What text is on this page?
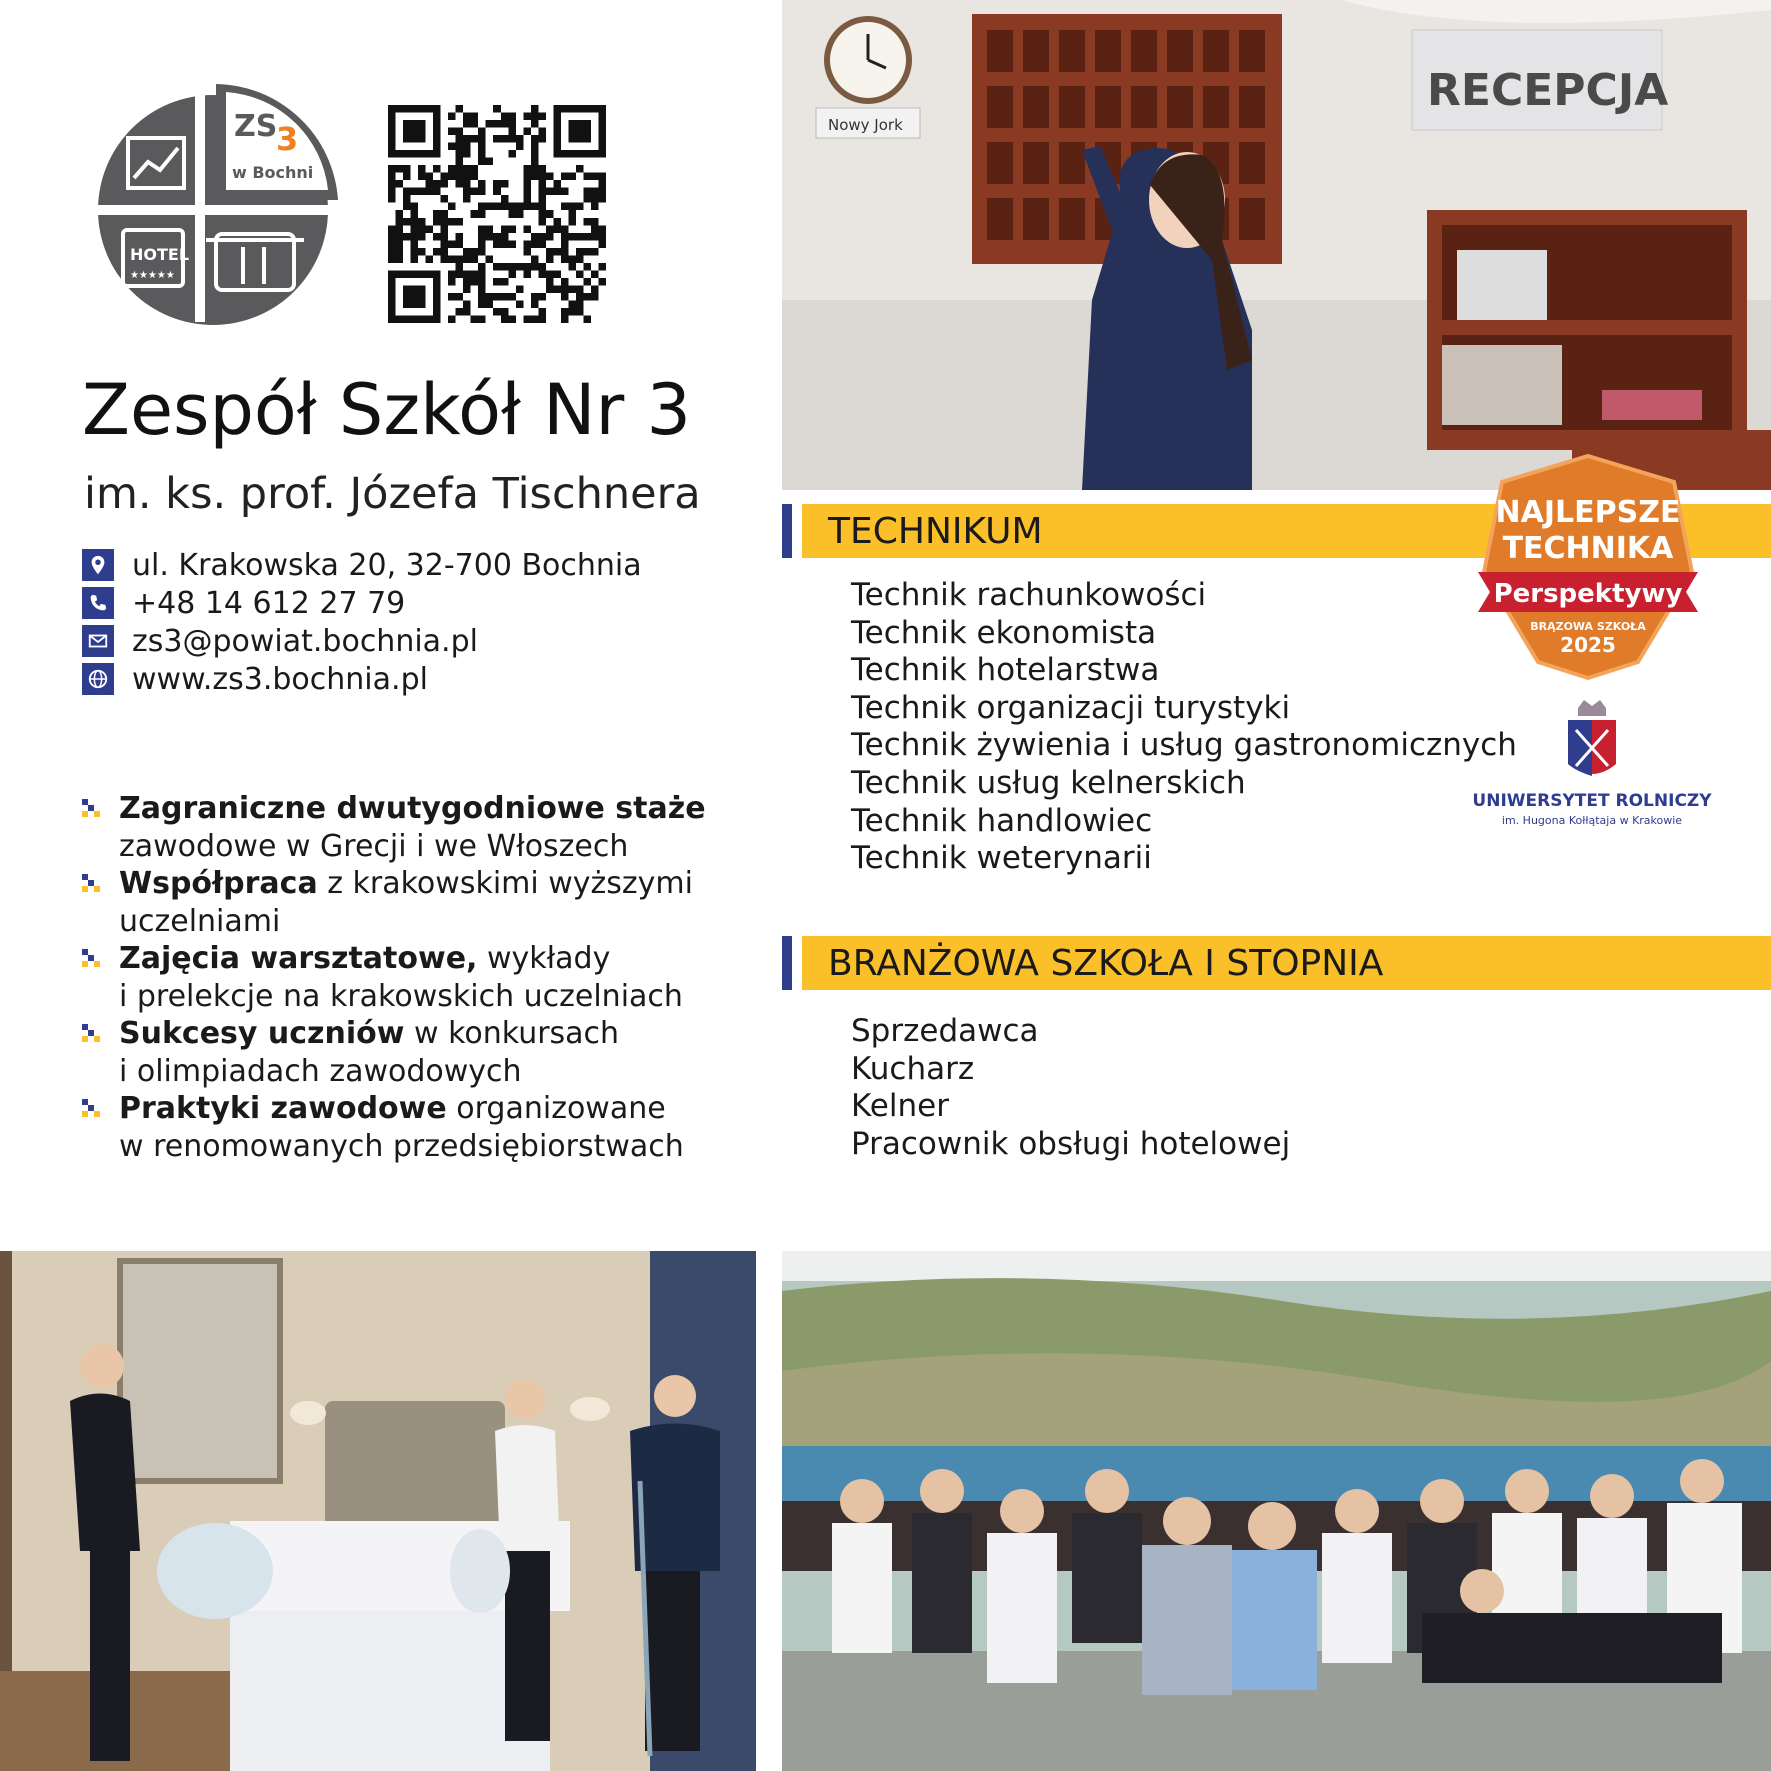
ZS
3
w Bochni
HOTEL
★★★★★
Zespół Szkół Nr 3
im. ks. prof. Józefa Tischnera
ul. Krakowska 20, 32-700 Bochnia
+48 14 612 27 79
zs3@powiat.bochnia.pl
www.zs3.bochnia.pl
Zagraniczne dwutygodniowe staże
zawodowe w Grecji i we Włoszech
Współpraca z krakowskimi wyższymi
uczelniami
Zajęcia warsztatowe, wykłady
i prelekcje na krakowskich uczelniach
Sukcesy uczniów w konkursach
i olimpiadach zawodowych
Praktyki zawodowe organizowane
w renomowanych przedsiębiorstwach
RECEPCJA
Nowy Jork
TECHNIKUM
Technik rachunkowości
Technik ekonomista
Technik hotelarstwa
Technik organizacji turystyki
Technik żywienia i usług gastronomicznych
Technik usług kelnerskich
Technik handlowiec
Technik weterynarii
NAJLEPSZE
TECHNIKA
Perspektywy
BRĄZOWA SZKOŁA
2025
UNIWERSYTET ROLNICZY
im. Hugona Kołłątaja w Krakowie
BRANŻOWA SZKOŁA I STOPNIA
Sprzedawca
Kucharz
Kelner
Pracownik obsługi hotelowej
